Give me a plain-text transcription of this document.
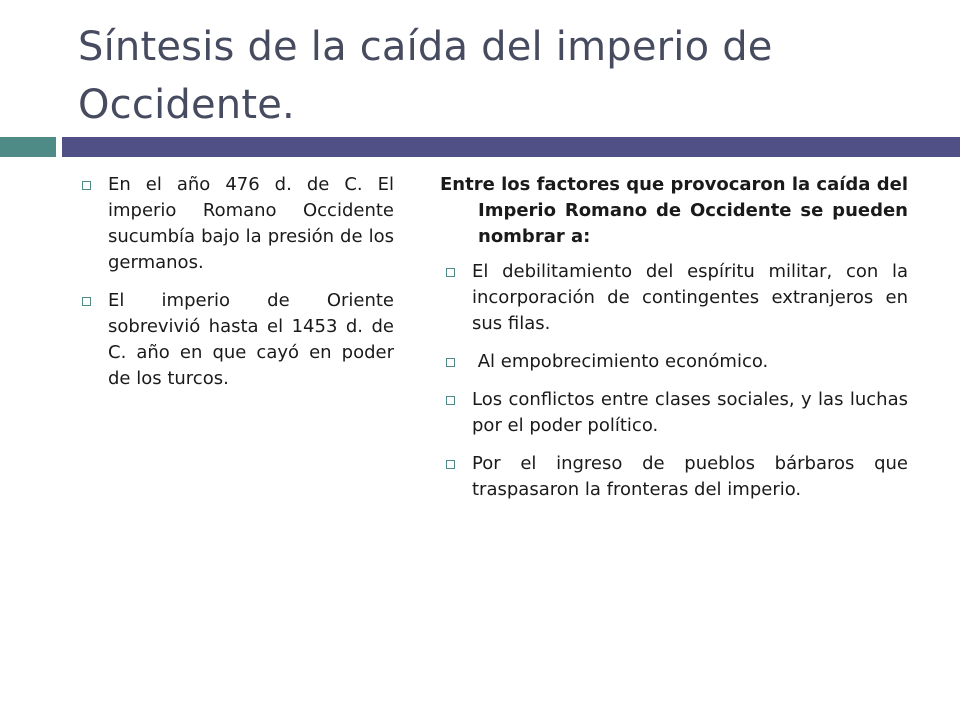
Síntesis de la caída del imperio de Occidente.
En el año 476 d. de C. El imperio Romano Occidente sucumbía bajo la presión de los germanos.
El imperio de Oriente sobrevivió hasta el 1453 d. de C. año en que cayó en poder de los turcos.

Entre los factores que provocaron la caída del Imperio Romano de Occidente se pueden nombrar a:

El debilitamiento del espíritu militar, con la incorporación de contingentes extranjeros en sus filas.
Al empobrecimiento económico.
Los conflictos entre clases sociales, y las luchas por el poder político.
Por el ingreso de pueblos bárbaros que traspasaron la fronteras del imperio.
